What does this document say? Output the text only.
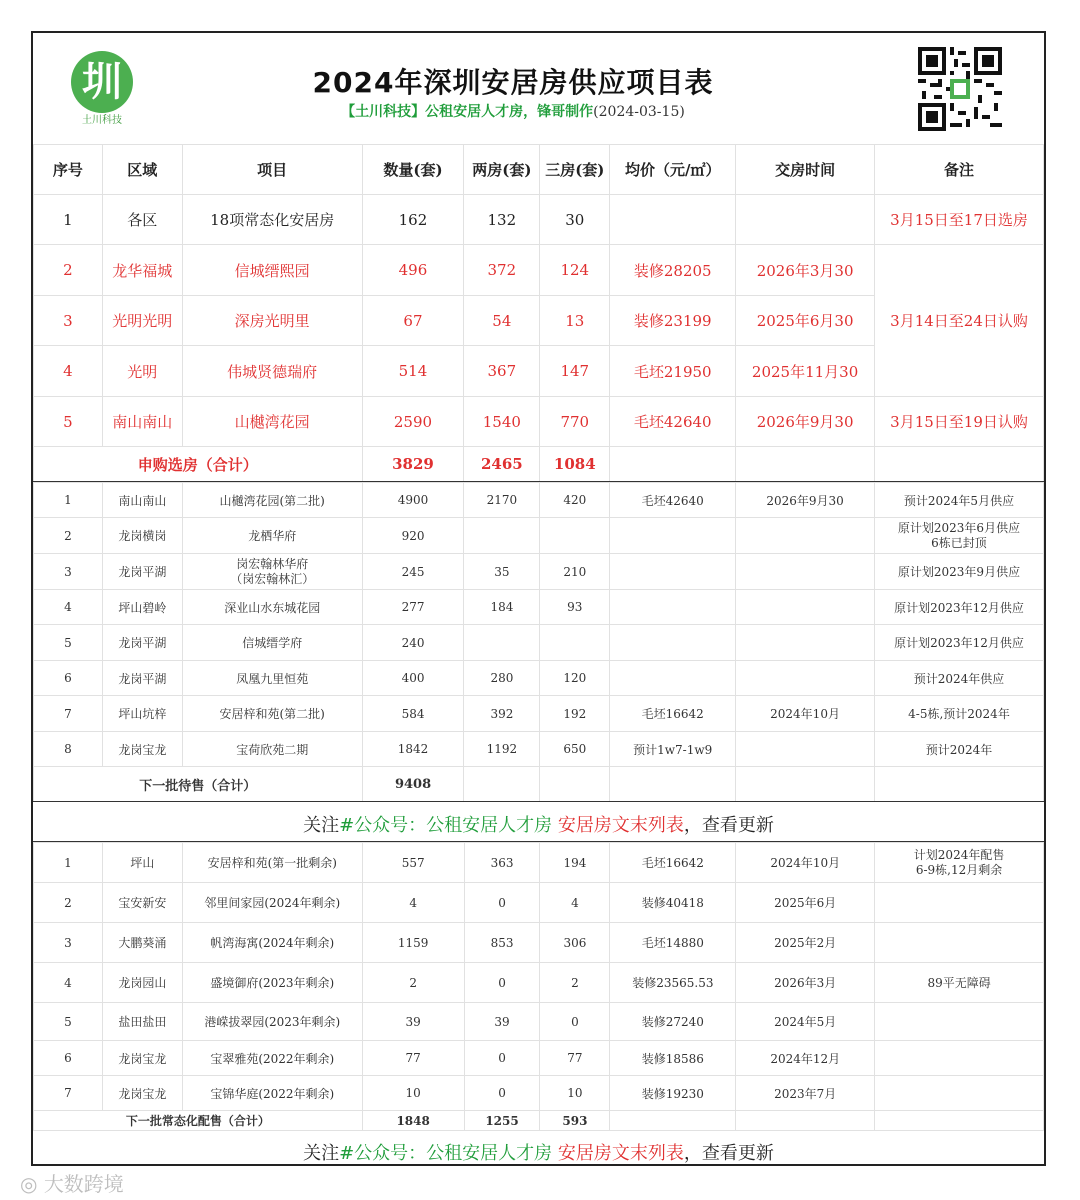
圳
土川科技
2024年深圳安居房供应项目表
【土川科技】公租安居人才房，锋哥制作(2024-03-15)
序号	区域	项目	数量(套)	两房(套)	三房(套)	均价（元/㎡）	交房时间	备注
1	各区	18项常态化安居房	162	132	30			3月15日至17日选房
2	龙华福城	信城缙熙园	496	372	124	装修28205	2026年3月30	3月14日至24日认购
3	光明光明	深房光明里	67	54	13	装修23199	2025年6月30	
4	光明	伟城贤德瑞府	514	367	147	毛坯21950	2025年11月30	
5	南山南山	山樾湾花园	2590	1540	770	毛坯42640	2026年9月30	3月15日至19日认购
申购选房（合计）			3829	2465	1084			
1	南山南山	山樾湾花园(第二批)	4900	2170	420	毛坯42640	2026年9月30	预计2024年5月供应
2	龙岗横岗	龙栖华府	920					原计划2023年6月供应
6栋已封顶

3	龙岗平湖	岗宏翰林华府
（岗宏翰林汇）	245	35	210			原计划2023年9月供应
4	坪山碧岭	深业山水东城花园	277	184	93			原计划2023年12月供应
5	龙岗平湖	信城缙学府	240					原计划2023年12月供应
6	龙岗平湖	凤凰九里恒苑	400	280	120			预计2024年供应
7	坪山坑梓	安居梓和苑(第二批)	584	392	192	毛坯16642	2024年10月	4-5栋,预计2024年
8	龙岗宝龙	宝荷欣苑二期	1842	1192	650	预计1w7-1w9		预计2024年
下一批待售（合计）			9408					
关注#公众号：公租安居人才房 安居房文末列表，查看更新
1	坪山	安居梓和苑(第一批剩余)	557	363	194	毛坯16642	2024年10月	计划2024年配售
6-9栋,12月剩余

2	宝安新安	邻里间家园(2024年剩余)	4	0	4	装修40418	2025年6月	
3	大鹏葵涌	帆湾海寓(2024年剩余)	1159	853	306	毛坯14880	2025年2月	
4	龙岗园山	盛境御府(2023年剩余)	2	0	2	装修23565.53	2026年3月	89平无障碍
5	盐田盐田	港嵘拔翠园(2023年剩余)	39	39	0	装修27240	2024年5月	
6	龙岗宝龙	宝翠雅苑(2022年剩余)	77	0	77	装修18586	2024年12月	
7	龙岗宝龙	宝锦华庭(2022年剩余)	10	0	10	装修19230	2023年7月	
下一批常态化配售（合计）			1848	1255	593			
关注#公众号：公租安居人才房 安居房文末列表，查看更新
◎ 大数跨境
